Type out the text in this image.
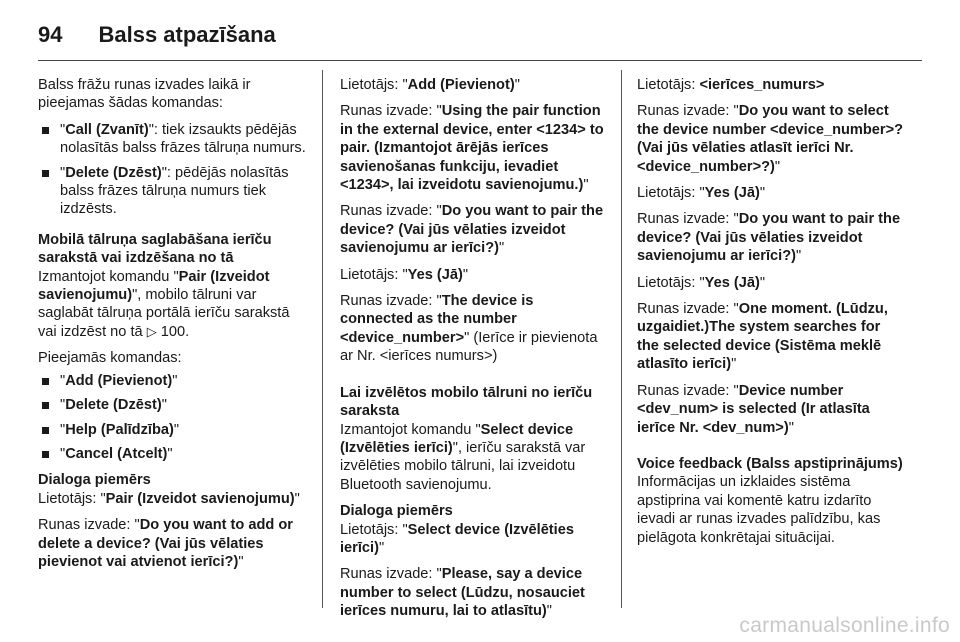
94 Balss atpazīšana

Balss frāžu runas izvades laikā ir pieejamas šādas komandas:

"Call (Zvanīt)": tiek izsaukts pēdējās nolasītās balss frāzes tālruņa numurs.
"Delete (Dzēst)": pēdējās nolasītās balss frāzes tālruņa numurs tiek izdzēsts.
Mobilā tālruņa saglabāšana ierīču sarakstā vai izdzēšana no tā

Izmantojot komandu "Pair (Izveidot savienojumu)", mobilo tālruni var saglabāt tālruņa portālā ierīču sarakstā vai izdzēst no tā ▷ 100.

Pieejamās komandas:

"Add (Pievienot)"
"Delete (Dzēst)"
"Help (Palīdzība)"
"Cancel (Atcelt)"
Dialoga piemērs

Lietotājs: "Pair (Izveidot savienojumu)"

Runas izvade: "Do you want to add or delete a device? (Vai jūs vēlaties pievienot vai atvienot ierīci?)"

Lietotājs: "Add (Pievienot)"

Runas izvade: "Using the pair function in the external device, enter <1234> to pair. (Izmantojot ārējās ierīces savienošanas funkciju, ievadiet <1234>, lai izveidotu savienojumu.)"

Runas izvade: "Do you want to pair the device? (Vai jūs vēlaties izveidot savienojumu ar ierīci?)"

Lietotājs: "Yes (Jā)"

Runas izvade: "The device is connected as the number <device_number>" (Ierīce ir pievienota ar Nr. <ierīces numurs>)

Lai izvēlētos mobilo tālruni no ierīču saraksta

Izmantojot komandu "Select device (Izvēlēties ierīci)", ierīču sarakstā var izvēlēties mobilo tālruni, lai izveidotu Bluetooth savienojumu.

Dialoga piemērs

Lietotājs: "Select device (Izvēlēties ierīci)"

Runas izvade: "Please, say a device number to select (Lūdzu, nosauciet ierīces numuru, lai to atlasītu)"

Lietotājs: <ierīces_numurs>

Runas izvade: "Do you want to select the device number <device_number>? (Vai jūs vēlaties atlasīt ierīci Nr. <device_number>?)"

Lietotājs: "Yes (Jā)"

Runas izvade: "Do you want to pair the device? (Vai jūs vēlaties izveidot savienojumu ar ierīci?)"

Lietotājs: "Yes (Jā)"

Runas izvade: "One moment. (Lūdzu, uzgaidiet.)The system searches for the selected device (Sistēma meklē atlasīto ierīci)"

Runas izvade: "Device number <dev_num> is selected (Ir atlasīta ierīce Nr. <dev_num>)"

Voice feedback (Balss apstiprinājums)

Informācijas un izklaides sistēma apstiprina vai komentē katru izdarīto ievadi ar runas izvades palīdzību, kas pielāgota konkrētajai situācijai.

carmanualsonline.info
